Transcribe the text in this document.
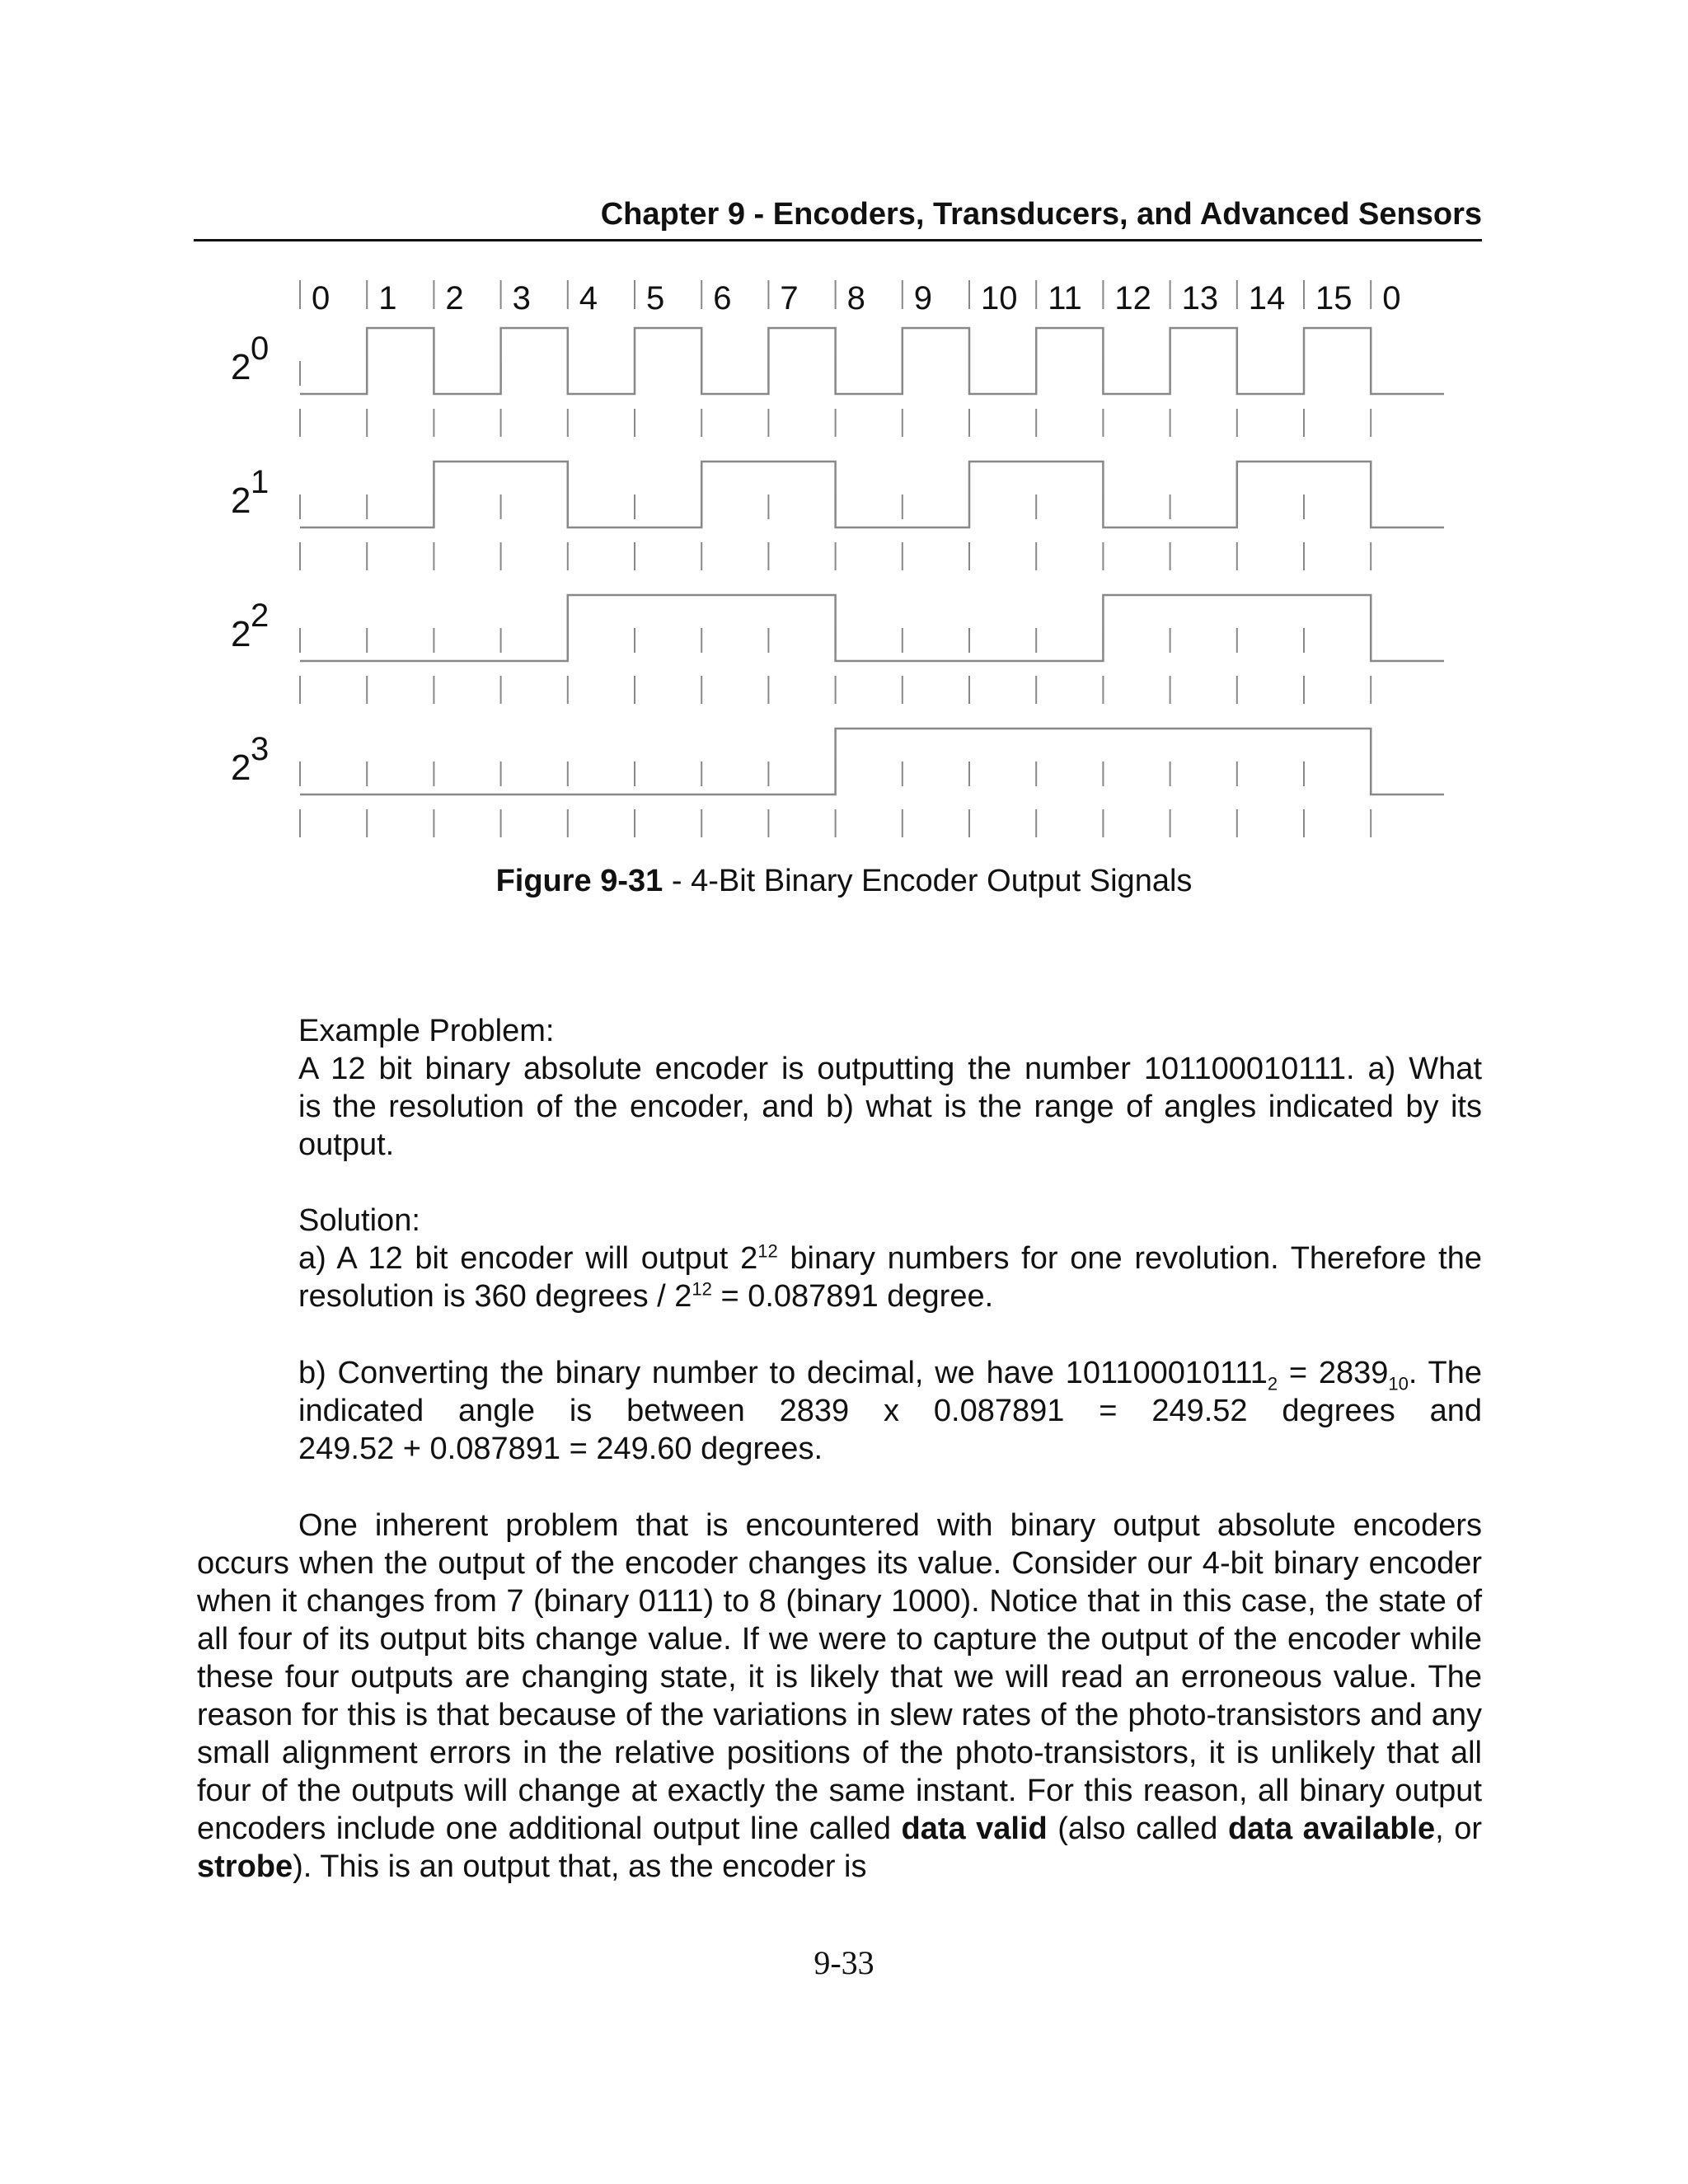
Chapter 9 - Encoders, Transducers, and Advanced Sensors
0 1 2 3 4 5 6 7 8 9 10 11 12 13 14 15 0
2 0
2 1
2 2
2 3
Figure 9-31 - 4-Bit Binary Encoder Output Signals

Example Problem:

A 12 bit binary absolute encoder is outputting the number 101100010111. a) What

is the resolution of the encoder, and b) what is the range of angles indicated by its

output.

Solution:

a) A 12 bit encoder will output $2^{12}$ binary numbers for one revolution. Therefore the

resolution is 360 degrees / $2^{12} = 0.087891$ degree.

b) Converting the binary number to decimal, we have $101100010111_2 = 2839_{10}$. The

indicated angle is between 2839 x 0.087891 = 249.52 degrees and

249.52 + 0.087891 = 249.60 degrees.

One inherent problem that is encountered with binary output absolute encoders occurs when the output of the encoder changes its value. Consider our 4-bit binary encoder when it changes from 7 (binary 0111) to 8 (binary 1000). Notice that in this case, the state of all four of its output bits change value. If we were to capture the output of the encoder while these four outputs are changing state, it is likely that we will read an erroneous value. The reason for this is that because of the variations in slew rates of the photo-transistors and any small alignment errors in the relative positions of the photo-transistors, it is unlikely that all four of the outputs will change at exactly the same instant. For this reason, all binary output encoders include one additional output line called data valid (also called data available, or strobe). This is an output that, as the encoder is

9-33
